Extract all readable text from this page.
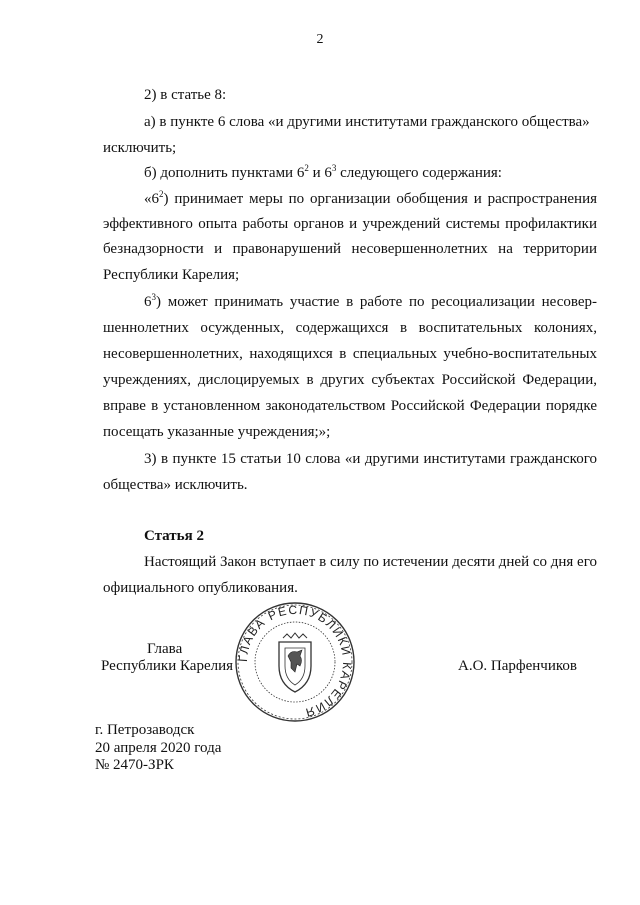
2
2) в статье 8:
а) в пункте 6 слова «и другими институтами гражданского общества»
исключить;
б) дополнить пунктами $6^2$ и $6^3$ следующего содержания:
«$6^2$) принимает меры по организации обобщения и распространения
эффективного опыта работы органов и учреждений системы профилактики
безнадзорности и правонарушений несовершеннолетних на территории
Республики Карелия;
$6^3$) может принимать участие в работе по ресоциализации несовер-
шеннолетних осужденных, содержащихся в воспитательных колониях,
несовершеннолетних, находящихся в специальных учебно-воспитательных
учреждениях, дислоцируемых в других субъектах Российской Федерации,
вправе в установленном законодательством Российской Федерации порядке
посещать указанные учреждения;»;
3) в пункте 15 статьи 10 слова «и другими институтами гражданского
общества» исключить.
Статья 2
Настоящий Закон вступает в силу по истечении десяти дней со дня его
официального опубликования.
Глава
Республики Карелия	А.О. Парфенчиков
ГЛАВА РЕСПУБЛИКИ КАРЕЛИЯ
г. Петрозаводск
20 апреля 2020 года
№ 2470-ЗРК
